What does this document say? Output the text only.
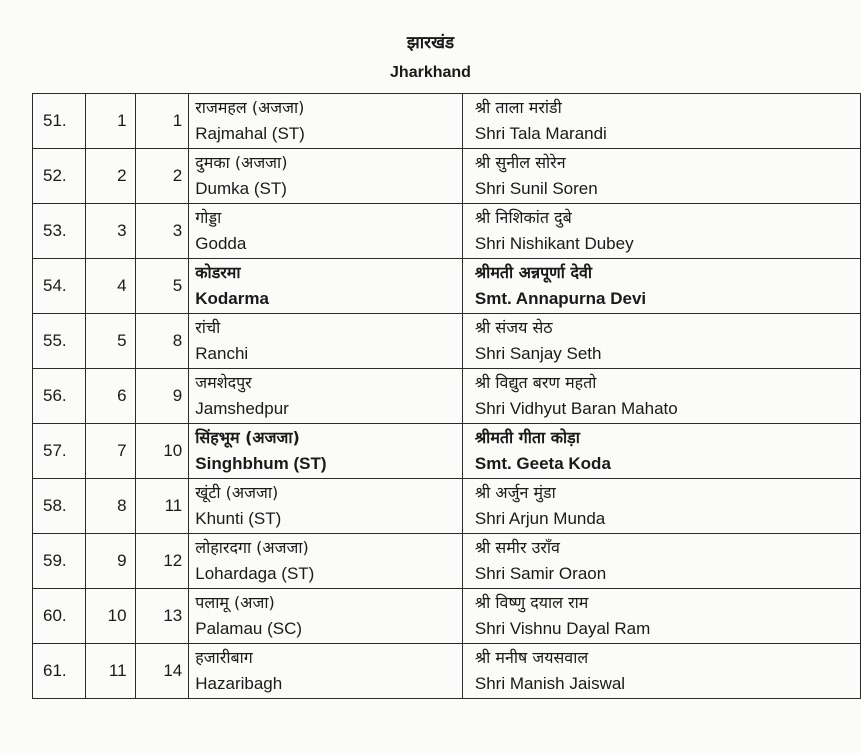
झारखंड
Jharkhand
51.	1	1	राजमहल (अजजा)
Rajmahal (ST)	श्री ताला मरांडी
Shri Tala Marandi

52.	2	2	दुमका (अजजा)
Dumka (ST)	श्री सुनील सोरेन
Shri Sunil Soren

53.	3	3	गोड्डा
Godda	श्री निशिकांत दुबे
Shri Nishikant Dubey

54.	4	5	कोडरमा
Kodarma	श्रीमती अन्नपूर्णा देवी
Smt. Annapurna Devi

55.	5	8	रांची
Ranchi	श्री संजय सेठ
Shri Sanjay Seth

56.	6	9	जमशेदपुर
Jamshedpur	श्री विद्युत बरण महतो
Shri Vidhyut Baran Mahato

57.	7	10	सिंहभूम (अजजा)
Singhbhum (ST)	श्रीमती गीता कोड़ा
Smt. Geeta Koda

58.	8	11	खूंटी (अजजा)
Khunti (ST)	श्री अर्जुन मुंडा
Shri Arjun Munda

59.	9	12	लोहारदगा (अजजा)
Lohardaga (ST)	श्री समीर उराँव
Shri Samir Oraon

60.	10	13	पलामू (अजा)
Palamau (SC)	श्री विष्णु दयाल राम
Shri Vishnu Dayal Ram

61.	11	14	हजारीबाग
Hazaribagh	श्री मनीष जयसवाल
Shri Manish Jaiswal
